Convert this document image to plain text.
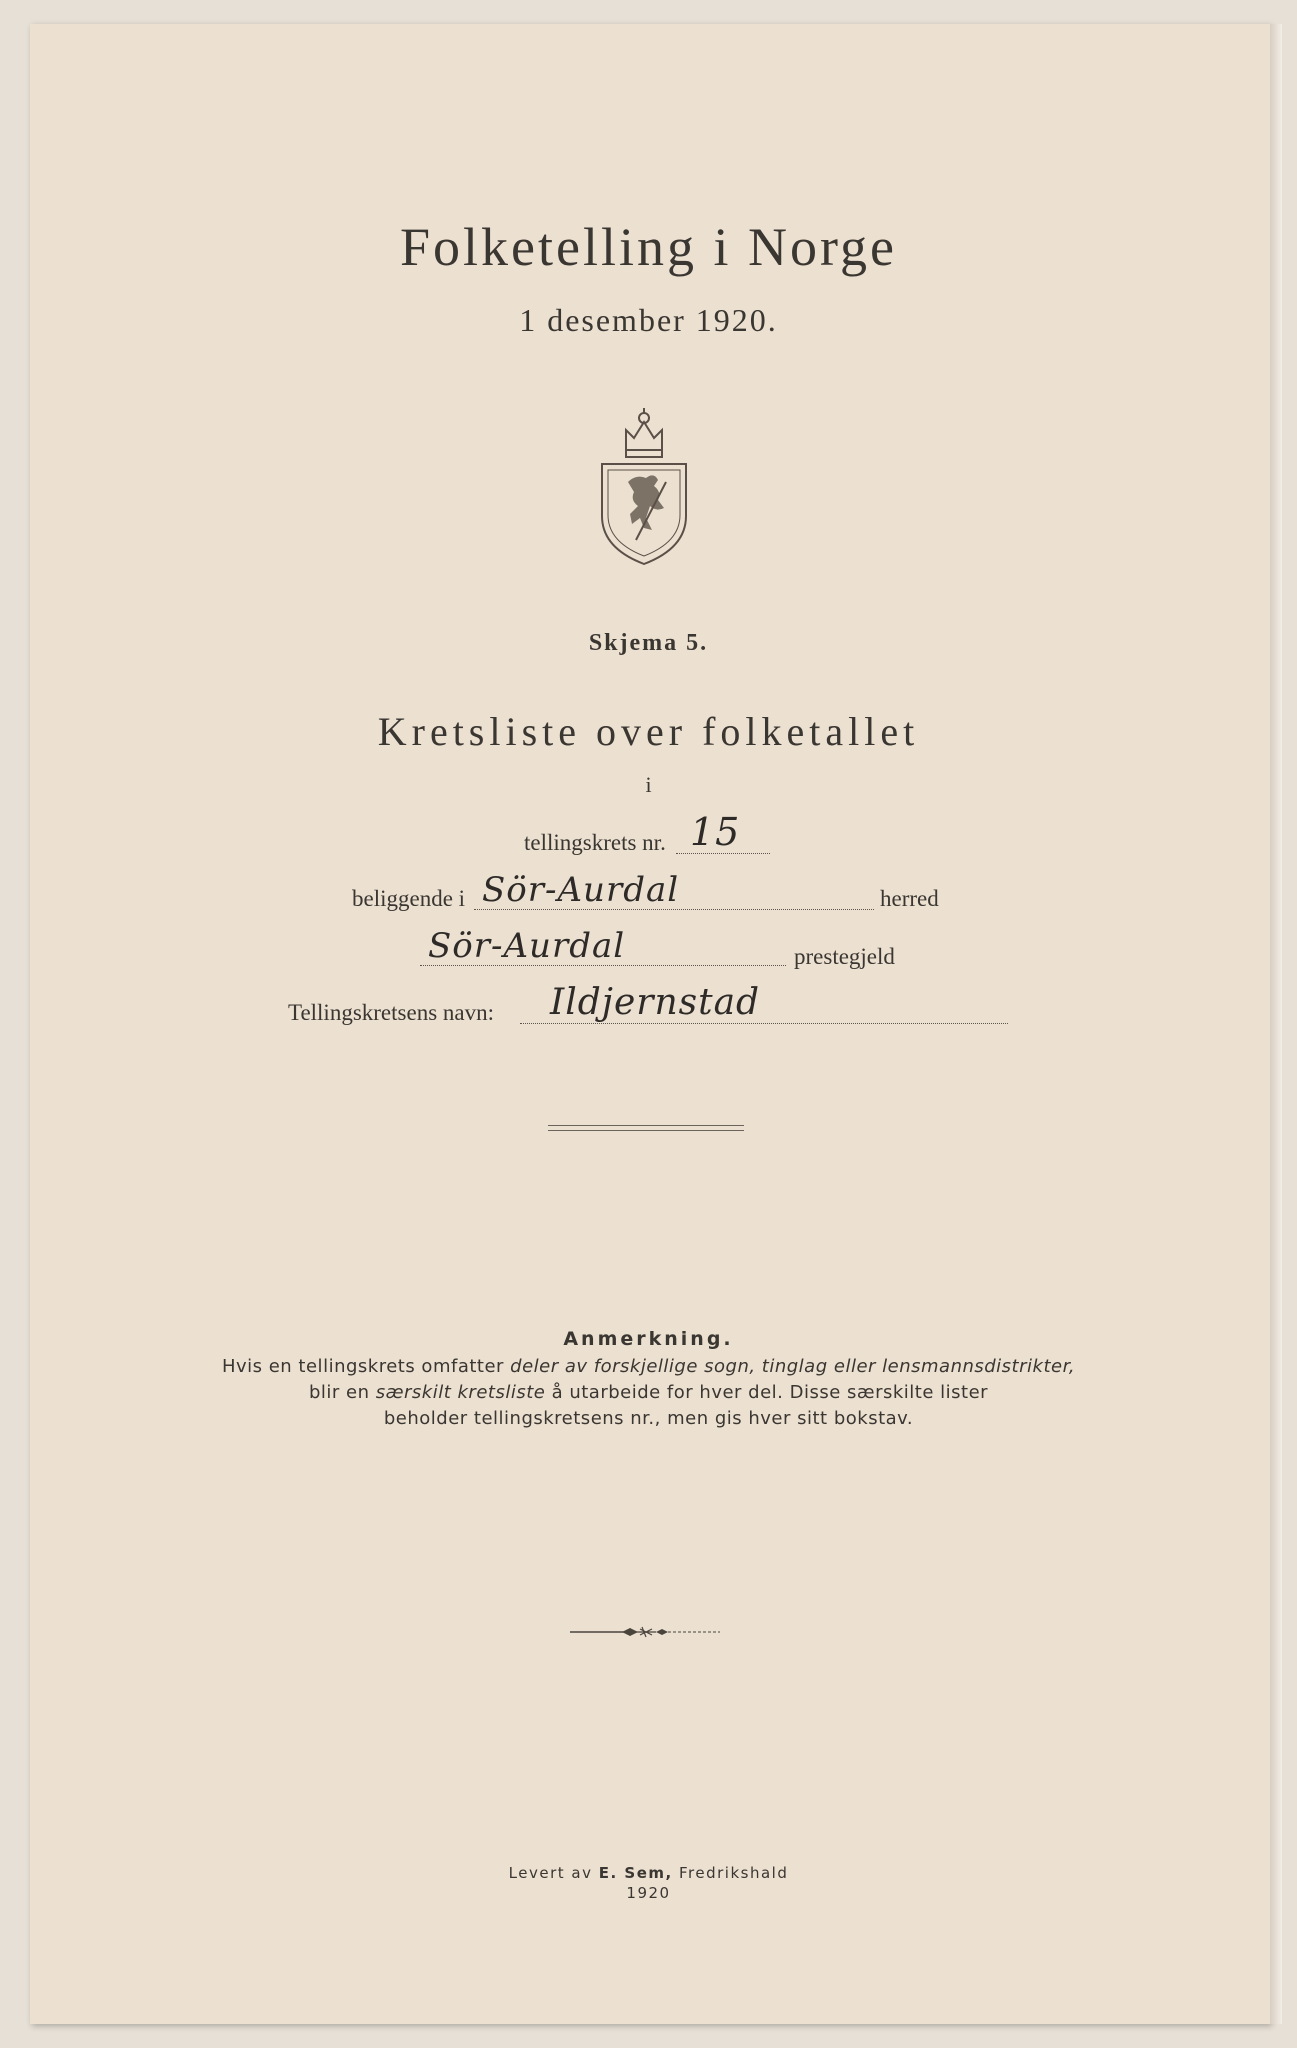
Folketelling i Norge
1 desember 1920.
Skjema 5.
Kretsliste over folketallet
i
tellingskrets nr. 15
beliggende i Sör-Aurdal	herred
Sör-Aurdal	prestegjeld
Tellingskretsens navn: Ildjernstad
Anmerkning.
Hvis en tellingskrets omfatter deler av forskjellige sogn, tinglag eller lensmannsdistrikter,
blir en særskilt kretsliste å utarbeide for hver del. Disse særskilte lister
beholder tellingskretsens nr., men gis hver sitt bokstav.
Levert av E. Sem, Fredrikshald
1920
